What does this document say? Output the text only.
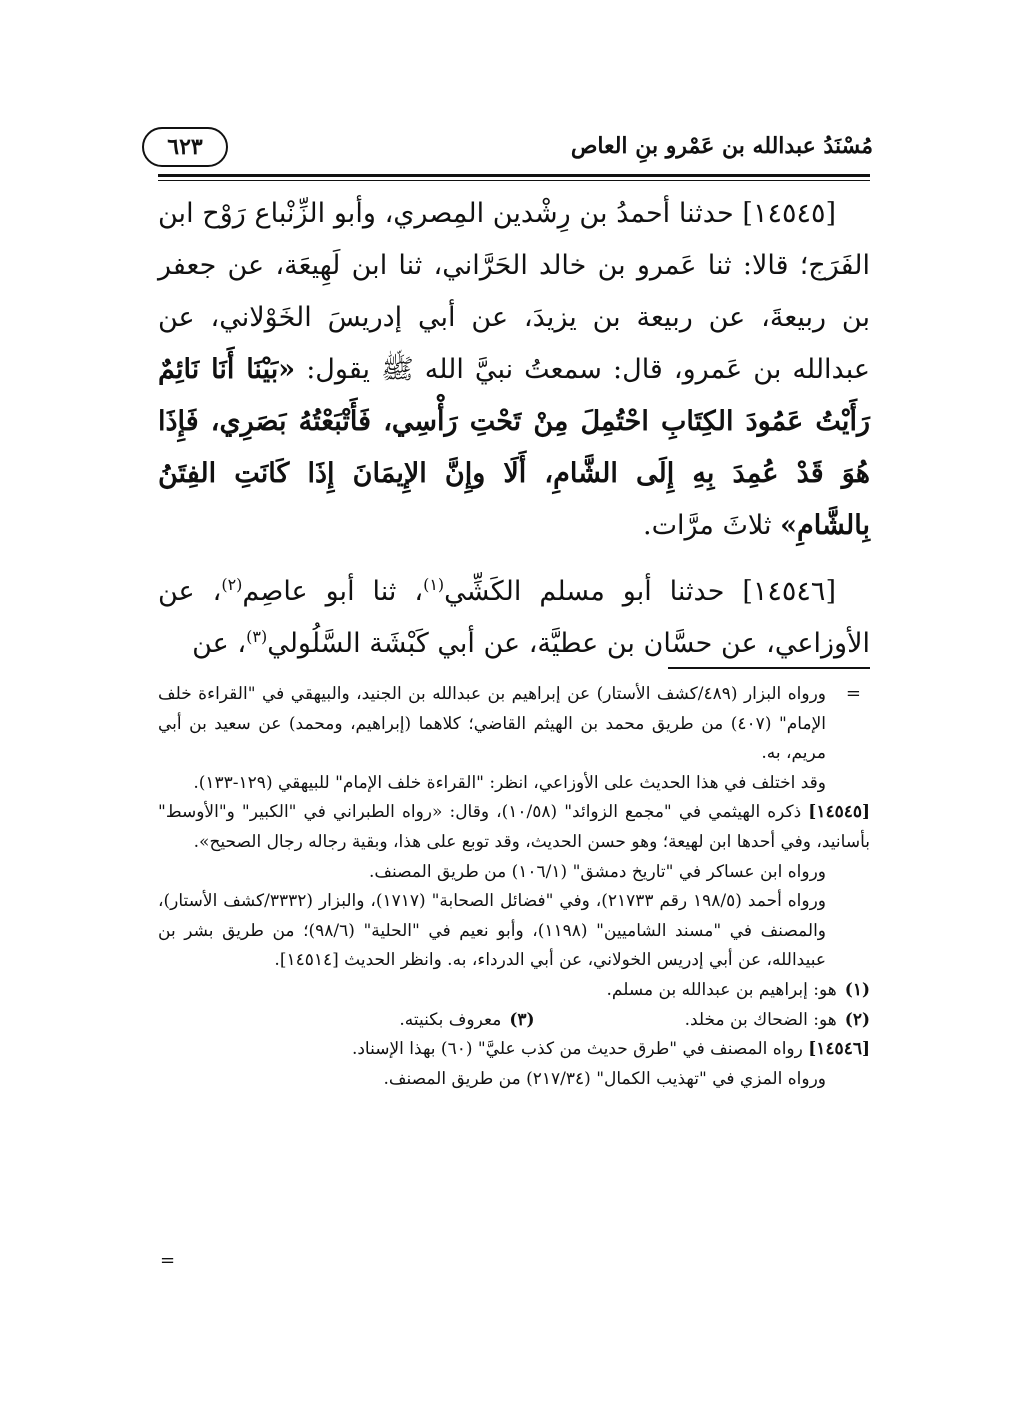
مُسْنَدُ عبدالله بن عَمْرو بنِ العاص
٦٢٣

[١٤٥٤٥] حدثنا أحمدُ بن رِشْدين المِصري، وأبو الزِّنْباع رَوْح ابن الفَرَج؛ قالا: ثنا عَمرو بن خالد الحَرَّاني، ثنا ابن لَهِيعَة، عن جعفر بن ربيعةَ، عن ربيعة بن يزيدَ، عن أبي إدريسَ الخَوْلاني، عن عبدالله بن عَمرو، قال: سمعتُ نبيَّ الله ﷺ يقول: «بَيْنَا أَنَا نَائِمٌ رَأَيْتُ عَمُودَ الكِتَابِ احْتُمِلَ مِنْ تَحْتِ رَأْسِي، فَأَتْبَعْتُهُ بَصَرِي، فَإِذَا هُوَ قَدْ عُمِدَ بِهِ إِلَى الشَّامِ، أَلَا وإِنَّ الإِيمَانَ إِذَا كَانَتِ الفِتَنُ بِالشَّامِ» ثلاثَ مرَّات.

[١٤٥٤٦] حدثنا أبو مسلم الكَشِّي$^{(١)}$، ثنا أبو عاصِم$^{(٢)}$، عن الأوزاعي، عن حسَّان بن عطيَّة، عن أبي كَبْشَة السَّلُولي$^{(٣)}$، عن

ورواه البزار (٤٨٩/كشف الأستار) عن إبراهيم بن عبدالله بن الجنيد، والبيهقي في "القراءة خلف الإمام" (٤٠٧) من طريق محمد بن الهيثم القاضي؛ كلاهما (إبراهيم، ومحمد) عن سعيد بن أبي مريم، به.

وقد اختلف في هذا الحديث على الأوزاعي، انظر: "القراءة خلف الإمام" للبيهقي (١٢٩-١٣٣).

[١٤٥٤٥] ذكره الهيثمي في "مجمع الزوائد" (١٠/٥٨)، وقال: «رواه الطبراني في "الكبير" و"الأوسط" بأسانيد، وفي أحدها ابن لهيعة؛ وهو حسن الحديث، وقد توبع على هذا، وبقية رجاله رجال الصحيح».

ورواه ابن عساكر في "تاريخ دمشق" (١٠٦/١) من طريق المصنف.

ورواه أحمد (١٩٨/٥ رقم ٢١٧٣٣)، وفي "فضائل الصحابة" (١٧١٧)، والبزار (٣٣٣٢/كشف الأستار)، والمصنف في "مسند الشاميين" (١١٩٨)، وأبو نعيم في "الحلية" (٩٨/٦)؛ من طريق بشر بن عبيدالله، عن أبي إدريس الخولاني، عن أبي الدرداء، به. وانظر الحديث [١٤٥١٤].

(١)هو: إبراهيم بن عبدالله بن مسلم.

(٢)هو: الضحاك بن مخلد.

(٣)معروف بكنيته.

[١٤٥٤٦] رواه المصنف في "طرق حديث من كذب عليَّ" (٦٠) بهذا الإسناد.

ورواه المزي في "تهذيب الكمال" (٢١٧/٣٤) من طريق المصنف.

=
=
